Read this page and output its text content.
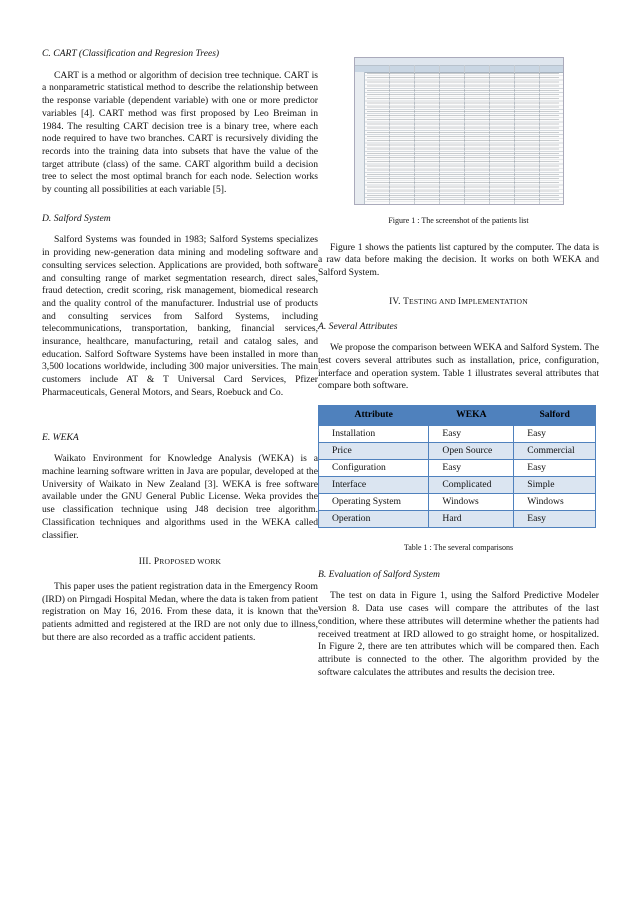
C. CART (Classification and Regresion Trees)

CART is a method or algorithm of decision tree technique. CART is a nonparametric statistical method to describe the relationship between the response variable (dependent variable) with one or more predictor variables [4]. CART method was first proposed by Leo Breiman in 1984. The resulting CART decision tree is a binary tree, where each node required to have two branches. CART is recursively dividing the records into the training data into subsets that have the value of the target attribute (class) of the same. CART algorithm build a decision tree to select the most optimal branch for each node. Selection works by counting all possibilities at each variable [5].

D. Salford System

Salford Systems was founded in 1983; Salford Systems specializes in providing new-generation data mining and modeling software and consulting services selection. Applications are provided, both software and consulting range of market segmentation research, direct sales, fraud detection, credit scoring, risk management, biomedical research and the quality control of the manufacturer. Industrial use of products and consulting services from Salford Systems, including telecommunications, transportation, banking, financial services, insurance, healthcare, manufacturing, retail and catalog sales, and education. Salford Software Systems have been installed in more than 3,500 locations worldwide, including 300 major universities. The main customers include AT & T Universal Card Services, Pfizer Pharmaceuticals, General Motors, and Sears, Roebuck and Co.

E. WEKA

Waikato Environment for Knowledge Analysis (WEKA) is a machine learning software written in Java are popular, developed at the University of Waikato in New Zealand [3]. WEKA is free software available under the GNU General Public License. Weka provides the use classification technique using J48 decision tree algorithm. Classification techniques and algorithms used in the WEKA called classifier.

III. PROPOSED WORK

This paper uses the patient registration data in the Emergency Room (IRD) on Pirngadi Hospital Medan, where the data is taken from patient registration on May 16, 2016. From these data, it is known that the patients admitted and registered at the IRD are not only due to illness, but there are also recorded as a traffic accident patients.

Figure 1 : The screenshot of the patients list

Figure 1 shows the patients list captured by the computer. The data is a raw data before making the decision. It works on both WEKA and Salford System.

IV. TESTING AND IMPLEMENTATION

A. Several Attributes

We propose the comparison between WEKA and Salford System. The test covers several attributes such as installation, price, configuration, interface and operation system. Table 1 illustrates several attributes that compare both software.

Attribute	WEKA	Salford
Installation	Easy	Easy
Price	Open Source	Commercial
Configuration	Easy	Easy
Interface	Complicated	Simple
Operating System	Windows	Windows
Operation	Hard	Easy

Table 1 : The several comparisons

B. Evaluation of Salford System

The test on data in Figure 1, using the Salford Predictive Modeler version 8. Data use cases will compare the attributes of the last condition, where these attributes will determine whether the patients had received treatment at IRD allowed to go straight home, or hospitalized. In Figure 2, there are ten attributes which will be compared then. Each attribute is connected to the other. The algorithm provided by the software calculates the attributes and results the decision tree.
